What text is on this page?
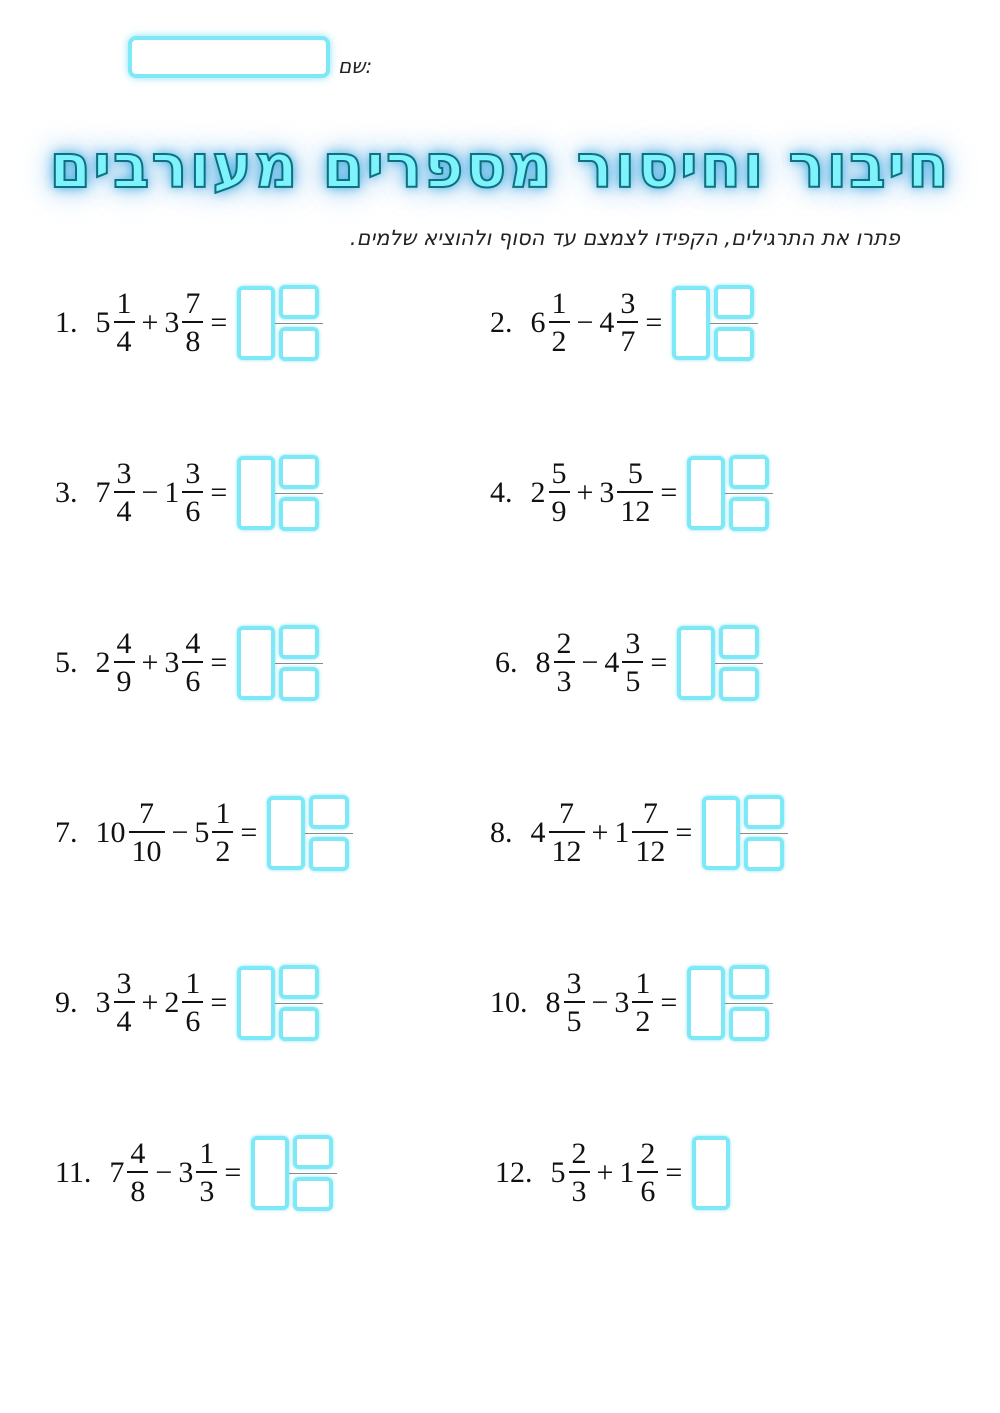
שם:
חיבור וחיסור מספרים מעורבים
פתרו את התרגילים, הקפידו לצמצם עד הסוף ולהוציא שלמים.
1. $5 \frac{1}{4} + 3 \frac{7}{8}$ =	2. $6 \frac{1}{2} - 4 \frac{3}{7}$ =
3. $7 \frac{3}{4} - 1 \frac{3}{6}$ =	4. $2 \frac{5}{9} + 3 \frac{5}{12}$ =
5. $2 \frac{4}{9} + 3 \frac{4}{6}$ =	6. $8 \frac{2}{3} - 4 \frac{3}{5}$ =
7. $10 \frac{7}{10} - 5 \frac{1}{2}$ =	8. $4 \frac{7}{12} + 1 \frac{7}{12}$ =
9. $3 \frac{3}{4} + 2 \frac{1}{6}$ =	10. $8 \frac{3}{5} - 3 \frac{1}{2}$ =
11. $7 \frac{4}{8} - 3 \frac{1}{3}$ =	12. $5 \frac{2}{3} + 1 \frac{2}{6}$ =
